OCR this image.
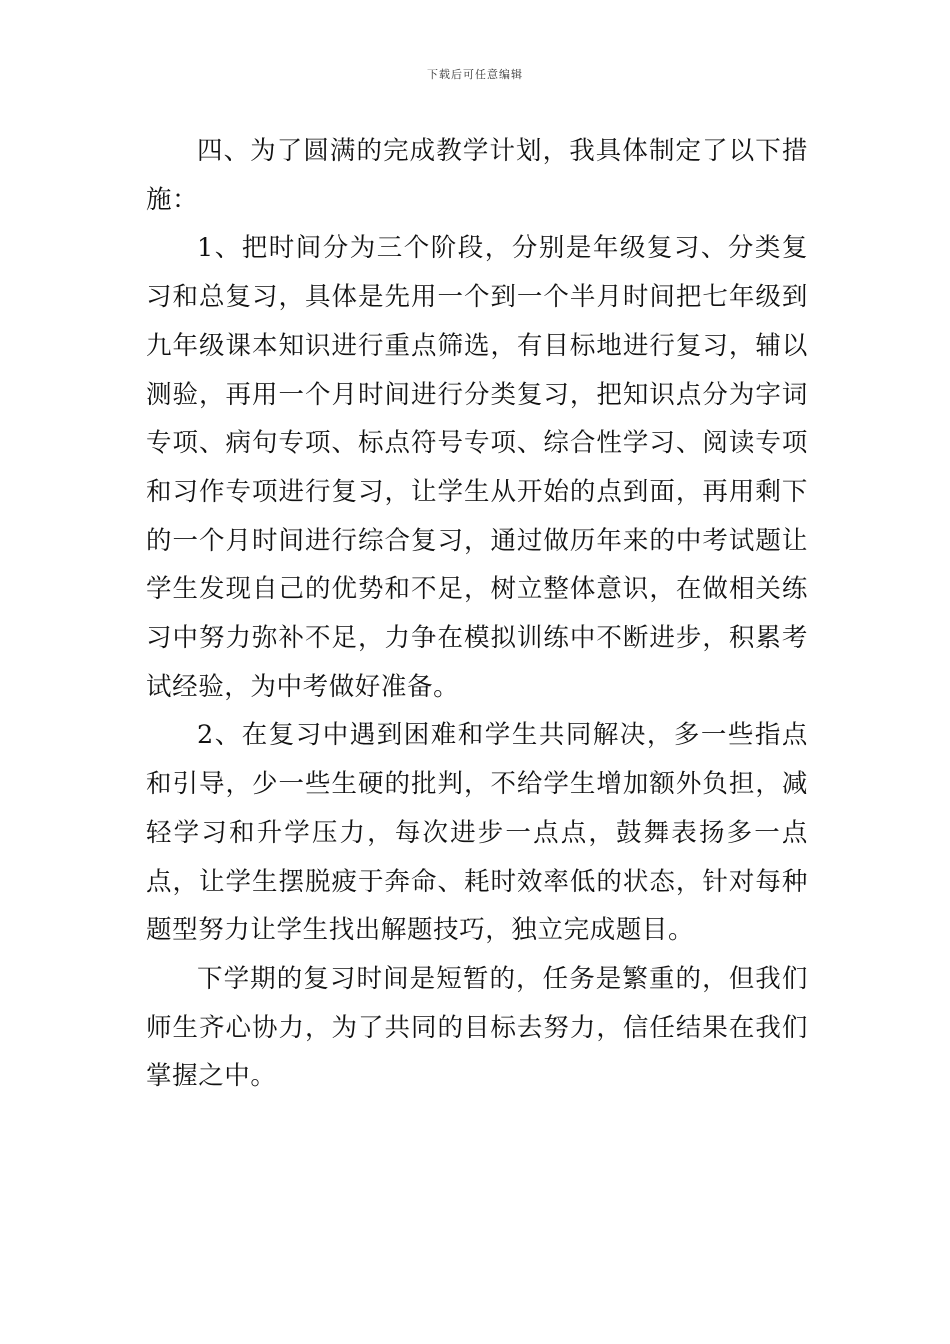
下载后可任意编辑

四、为了圆满的完成教学计划，我具体制定了以下措施：

1、把时间分为三个阶段，分别是年级复习、分类复习和总复习，具体是先用一个到一个半月时间把七年级到九年级课本知识进行重点筛选，有目标地进行复习，辅以测验，再用一个月时间进行分类复习，把知识点分为字词专项、病句专项、标点符号专项、综合性学习、阅读专项和习作专项进行复习，让学生从开始的点到面，再用剩下的一个月时间进行综合复习，通过做历年来的中考试题让学生发现自己的优势和不足，树立整体意识，在做相关练习中努力弥补不足，力争在模拟训练中不断进步，积累考试经验，为中考做好准备。

2、在复习中遇到困难和学生共同解决，多一些指点和引导，少一些生硬的批判，不给学生增加额外负担，减轻学习和升学压力，每次进步一点点，鼓舞表扬多一点点，让学生摆脱疲于奔命、耗时效率低的状态，针对每种题型努力让学生找出解题技巧，独立完成题目。

下学期的复习时间是短暂的，任务是繁重的，但我们师生齐心协力，为了共同的目标去努力，信任结果在我们掌握之中。
